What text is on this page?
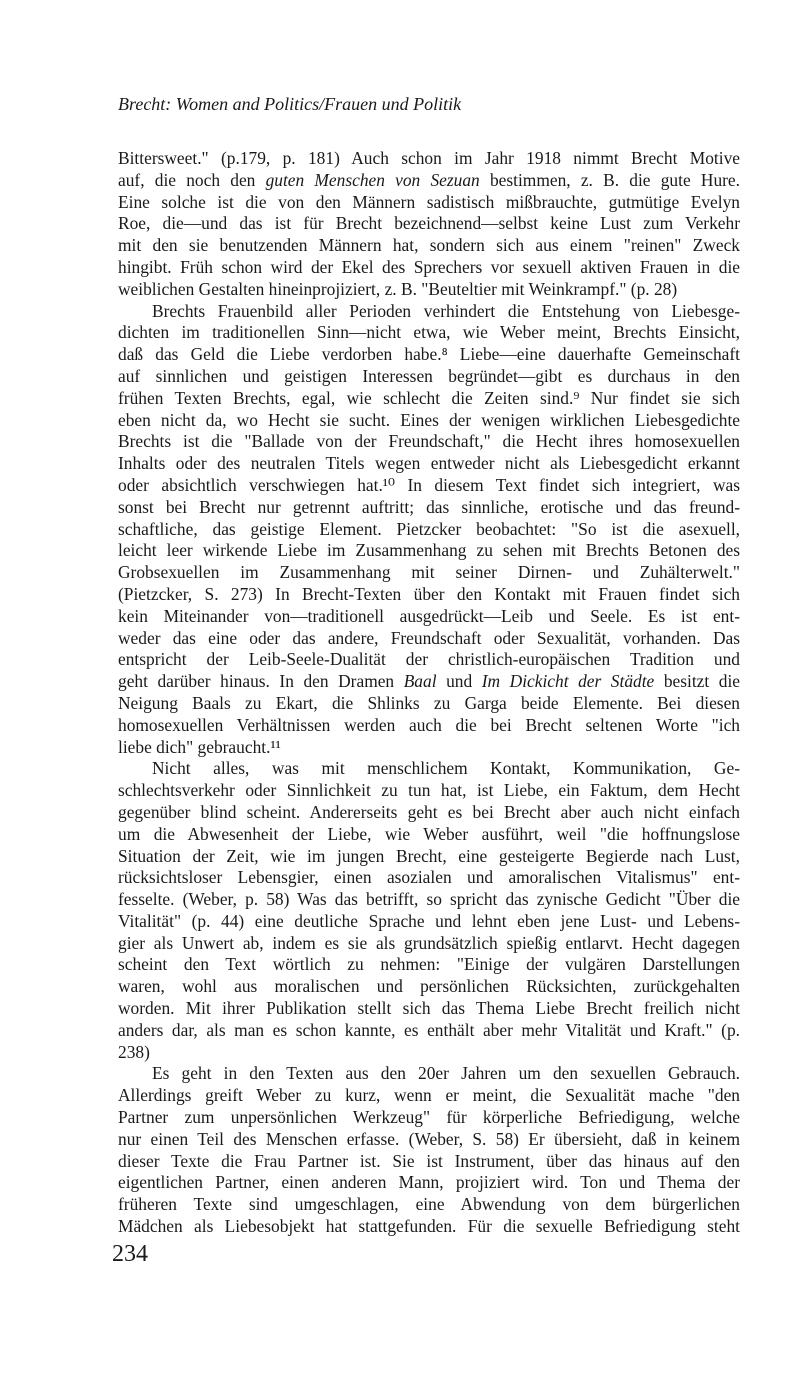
Brecht: Women and Politics/Frauen und Politik
Bittersweet." (p.179, p. 181) Auch schon im Jahr 1918 nimmt Brecht Motive
auf, die noch den guten Menschen von Sezuan bestimmen, z. B. die gute Hure.
Eine solche ist die von den Männern sadistisch mißbrauchte, gutmütige Evelyn
Roe, die—und das ist für Brecht bezeichnend—selbst keine Lust zum Verkehr
mit den sie benutzenden Männern hat, sondern sich aus einem "reinen" Zweck
hingibt. Früh schon wird der Ekel des Sprechers vor sexuell aktiven Frauen in die
weiblichen Gestalten hineinprojiziert, z. B. "Beuteltier mit Weinkrampf." (p. 28)
Brechts Frauenbild aller Perioden verhindert die Entstehung von Liebesge-
dichten im traditionellen Sinn—nicht etwa, wie Weber meint, Brechts Einsicht,
daß das Geld die Liebe verdorben habe.⁸ Liebe—eine dauerhafte Gemeinschaft
auf sinnlichen und geistigen Interessen begründet—gibt es durchaus in den
frühen Texten Brechts, egal, wie schlecht die Zeiten sind.⁹ Nur findet sie sich
eben nicht da, wo Hecht sie sucht. Eines der wenigen wirklichen Liebesgedichte
Brechts ist die "Ballade von der Freundschaft," die Hecht ihres homosexuellen
Inhalts oder des neutralen Titels wegen entweder nicht als Liebesgedicht erkannt
oder absichtlich verschwiegen hat.¹⁰ In diesem Text findet sich integriert, was
sonst bei Brecht nur getrennt auftritt; das sinnliche, erotische und das freund-
schaftliche, das geistige Element. Pietzcker beobachtet: "So ist die asexuell,
leicht leer wirkende Liebe im Zusammenhang zu sehen mit Brechts Betonen des
Grobsexuellen im Zusammenhang mit seiner Dirnen- und Zuhälterwelt."
(Pietzcker, S. 273) In Brecht-Texten über den Kontakt mit Frauen findet sich
kein Miteinander von—traditionell ausgedrückt—Leib und Seele. Es ist ent-
weder das eine oder das andere, Freundschaft oder Sexualität, vorhanden. Das
entspricht der Leib-Seele-Dualität der christlich-europäischen Tradition und
geht darüber hinaus. In den Dramen Baal und Im Dickicht der Städte besitzt die
Neigung Baals zu Ekart, die Shlinks zu Garga beide Elemente. Bei diesen
homosexuellen Verhältnissen werden auch die bei Brecht seltenen Worte "ich
liebe dich" gebraucht.¹¹
Nicht alles, was mit menschlichem Kontakt, Kommunikation, Ge-
schlechtsverkehr oder Sinnlichkeit zu tun hat, ist Liebe, ein Faktum, dem Hecht
gegenüber blind scheint. Andererseits geht es bei Brecht aber auch nicht einfach
um die Abwesenheit der Liebe, wie Weber ausführt, weil "die hoffnungslose
Situation der Zeit, wie im jungen Brecht, eine gesteigerte Begierde nach Lust,
rücksichtsloser Lebensgier, einen asozialen und amoralischen Vitalismus" ent-
fesselte. (Weber, p. 58) Was das betrifft, so spricht das zynische Gedicht "Über die
Vitalität" (p. 44) eine deutliche Sprache und lehnt eben jene Lust- und Lebens-
gier als Unwert ab, indem es sie als grundsätzlich spießig entlarvt. Hecht dagegen
scheint den Text wörtlich zu nehmen: "Einige der vulgären Darstellungen
waren, wohl aus moralischen und persönlichen Rücksichten, zurückgehalten
worden. Mit ihrer Publikation stellt sich das Thema Liebe Brecht freilich nicht
anders dar, als man es schon kannte, es enthält aber mehr Vitalität und Kraft." (p.
238)
Es geht in den Texten aus den 20er Jahren um den sexuellen Gebrauch.
Allerdings greift Weber zu kurz, wenn er meint, die Sexualität mache "den
Partner zum unpersönlichen Werkzeug" für körperliche Befriedigung, welche
nur einen Teil des Menschen erfasse. (Weber, S. 58) Er übersieht, daß in keinem
dieser Texte die Frau Partner ist. Sie ist Instrument, über das hinaus auf den
eigentlichen Partner, einen anderen Mann, projiziert wird. Ton und Thema der
früheren Texte sind umgeschlagen, eine Abwendung von dem bürgerlichen
Mädchen als Liebesobjekt hat stattgefunden. Für die sexuelle Befriedigung steht
234
